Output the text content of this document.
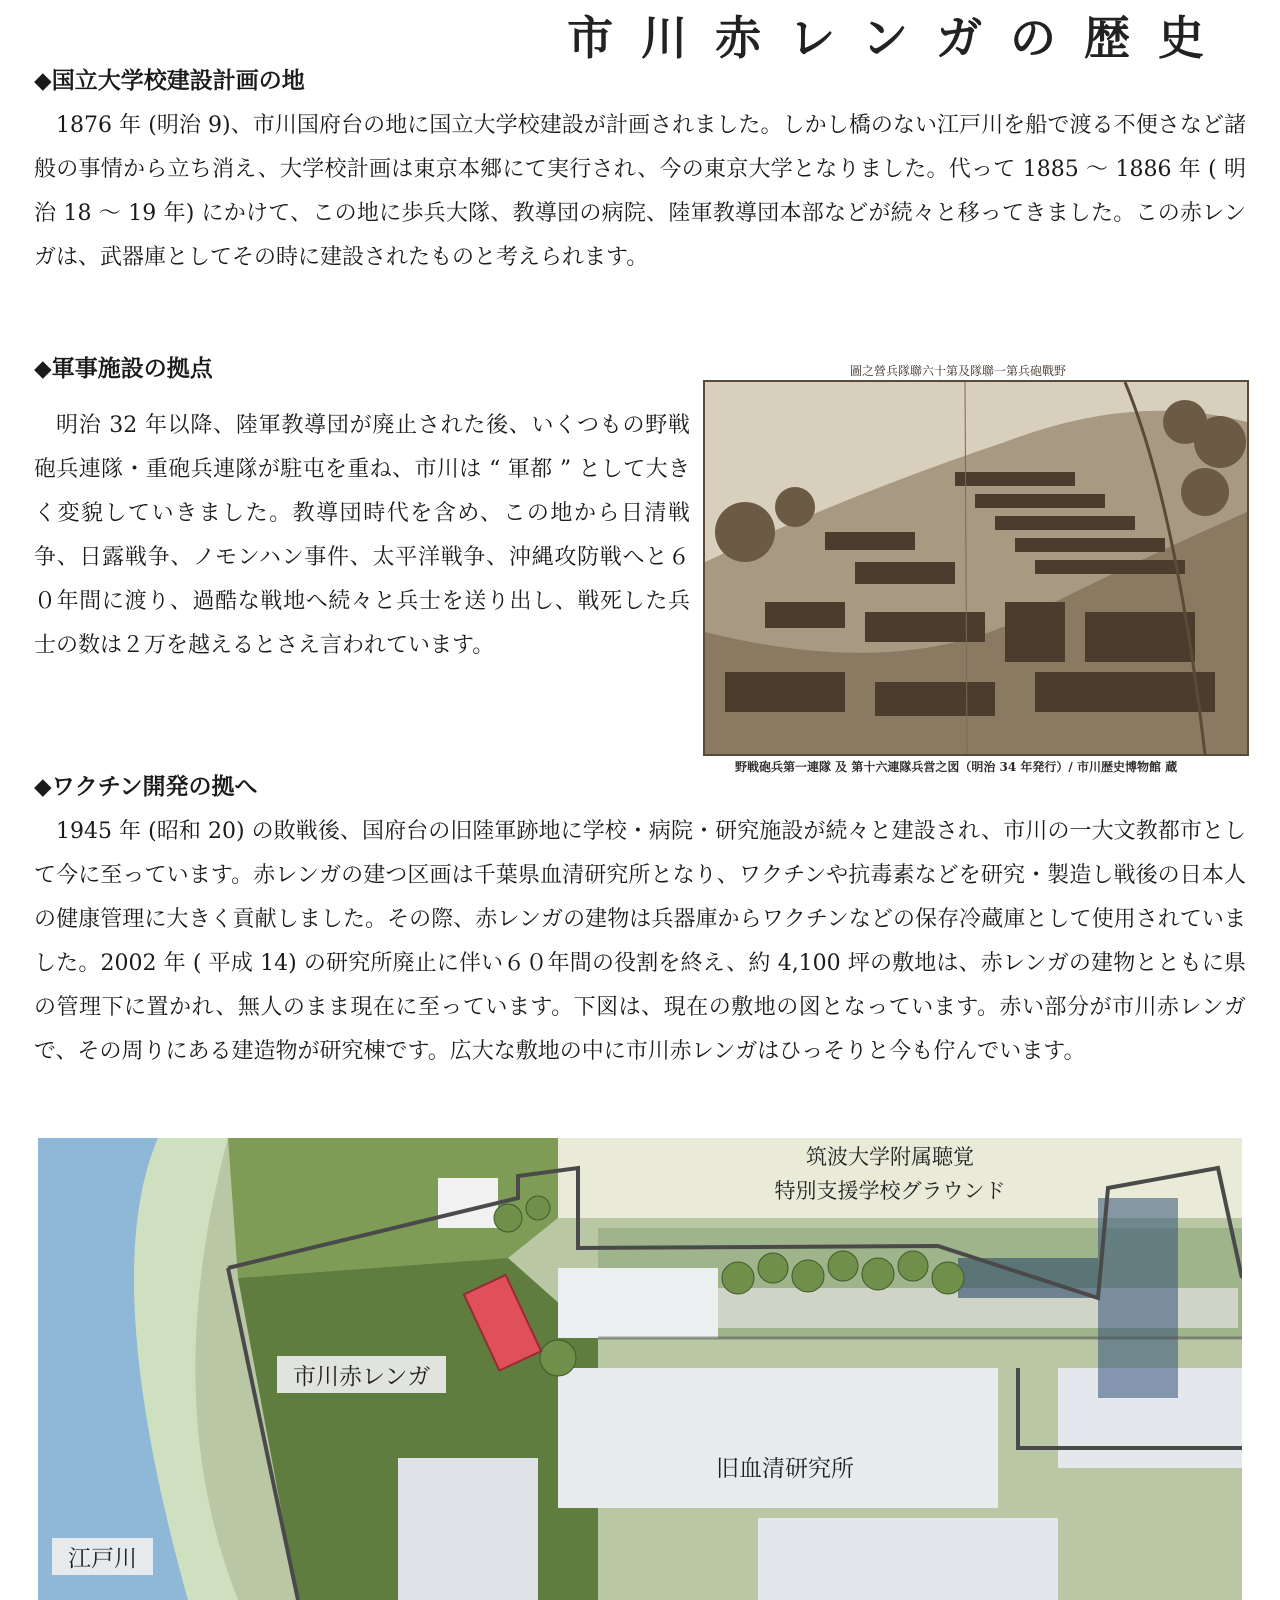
市川赤レンガの歴史
◆国立大学校建設計画の地

1876 年 (明治 9)、市川国府台の地に国立大学校建設が計画されました。しかし橋のない江戸川を船で渡る不便さなど諸般の事情から立ち消え、大学校計画は東京本郷にて実行され、今の東京大学となりました。代って 1885 ～ 1886 年 ( 明治 18 ～ 19 年) にかけて、この地に歩兵大隊、教導団の病院、陸軍教導団本部などが続々と移ってきました。この赤レンガは、武器庫としてその時に建設されたものと考えられます。

◆軍事施設の拠点

明治 32 年以降、陸軍教導団が廃止された後、いくつもの野戦砲兵連隊・重砲兵連隊が駐屯を重ね、市川は “ 軍都 ” として大きく変貌していきました。教導団時代を含め、この地から日清戦争、日露戦争、ノモンハン事件、太平洋戦争、沖縄攻防戦へと６０年間に渡り、過酷な戦地へ続々と兵士を送り出し、戦死した兵士の数は２万を越えるとさえ言われています。

圖之營兵隊聯六十第及隊聯一第兵砲戰野
野戦砲兵第一連隊 及 第十六連隊兵営之図（明治 34 年発行）/ 市川歴史博物館 蔵
◆ワクチン開発の拠へ

1945 年 (昭和 20) の敗戦後、国府台の旧陸軍跡地に学校・病院・研究施設が続々と建設され、市川の一大文教都市として今に至っています。赤レンガの建つ区画は千葉県血清研究所となり、ワクチンや抗毒素などを研究・製造し戦後の日本人の健康管理に大きく貢献しました。その際、赤レンガの建物は兵器庫からワクチンなどの保存冷蔵庫として使用されていました。2002 年 ( 平成 14) の研究所廃止に伴い６０年間の役割を終え、約 4,100 坪の敷地は、赤レンガの建物とともに県の管理下に置かれ、無人のまま現在に至っています。下図は、現在の敷地の図となっています。赤い部分が市川赤レンガで、その周りにある建造物が研究棟です。広大な敷地の中に市川赤レンガはひっそりと今も佇んでいます。

筑波大学附属聴覚
特別支援学校グラウンド
市川赤レンガ
旧血清研究所
江戸川
